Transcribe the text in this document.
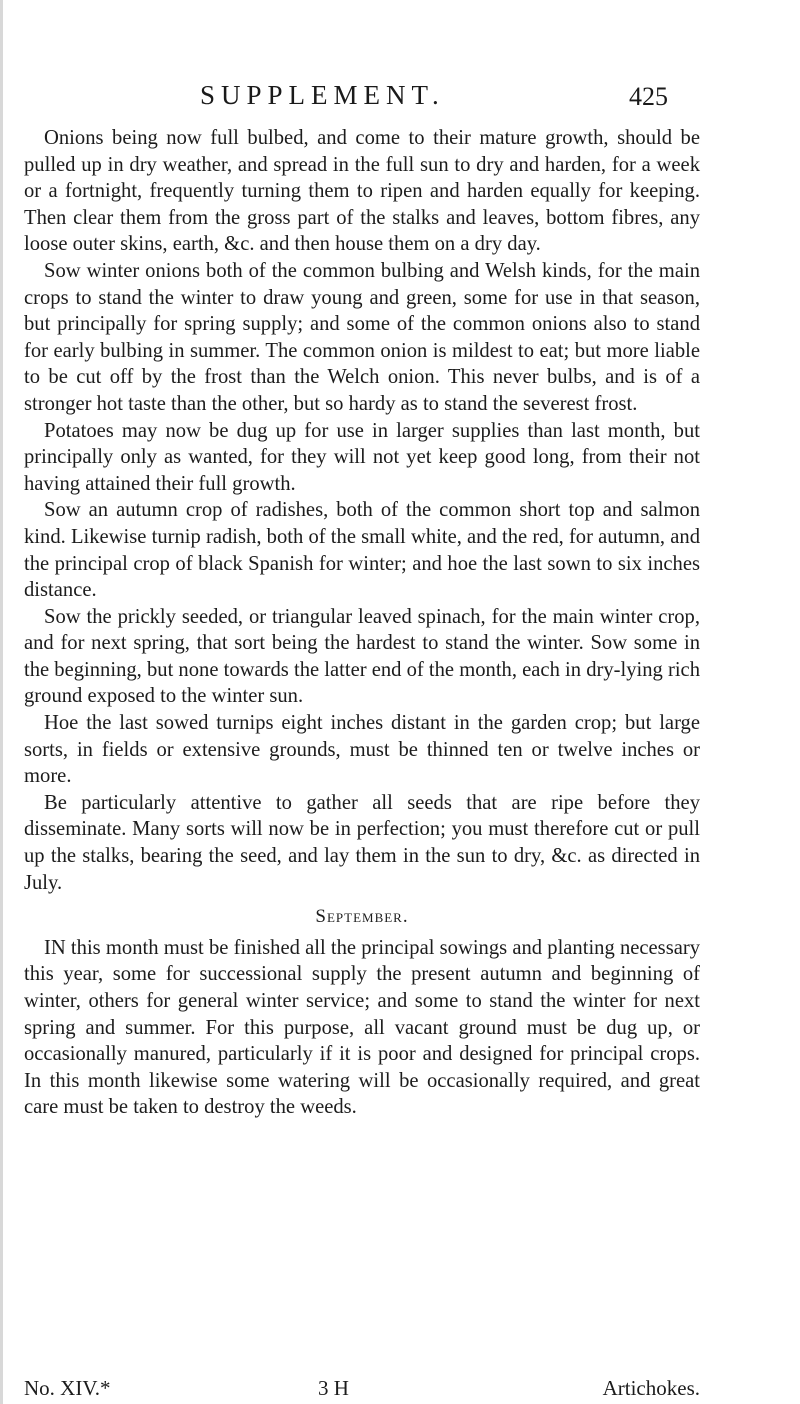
SUPPLEMENT.	425

Onions being now full bulbed, and come to their mature growth, should be pulled up in dry weather, and spread in the full sun to dry and harden, for a week or a fortnight, frequently turning them to ripen and harden equally for keeping. Then clear them from the gross part of the stalks and leaves, bottom fibres, any loose outer skins, earth, &c. and then house them on a dry day.

Sow winter onions both of the common bulbing and Welsh kinds, for the main crops to stand the winter to draw young and green, some for use in that season, but principally for spring supply; and some of the common onions also to stand for early bulbing in summer. The common onion is mildest to eat; but more liable to be cut off by the frost than the Welch onion. This never bulbs, and is of a stronger hot taste than the other, but so hardy as to stand the severest frost.

Potatoes may now be dug up for use in larger supplies than last month, but principally only as wanted, for they will not yet keep good long, from their not having attained their full growth.

Sow an autumn crop of radishes, both of the common short top and salmon kind. Likewise turnip radish, both of the small white, and the red, for autumn, and the principal crop of black Spanish for winter; and hoe the last sown to six inches distance.

Sow the prickly seeded, or triangular leaved spinach, for the main winter crop, and for next spring, that sort being the hardest to stand the winter. Sow some in the beginning, but none towards the latter end of the month, each in dry-lying rich ground exposed to the winter sun.

Hoe the last sowed turnips eight inches distant in the garden crop; but large sorts, in fields or extensive grounds, must be thinned ten or twelve inches or more.

Be particularly attentive to gather all seeds that are ripe before they disseminate. Many sorts will now be in perfection; you must therefore cut or pull up the stalks, bearing the seed, and lay them in the sun to dry, &c. as directed in July.

September.

IN this month must be finished all the principal sowings and planting necessary this year, some for successional supply the present autumn and beginning of winter, others for general winter service; and some to stand the winter for next spring and summer. For this purpose, all vacant ground must be dug up, or occasionally manured, particularly if it is poor and designed for principal crops. In this month likewise some watering will be occasionally required, and great care must be taken to destroy the weeds.

No. XIV.*	3 H	Artichokes.
